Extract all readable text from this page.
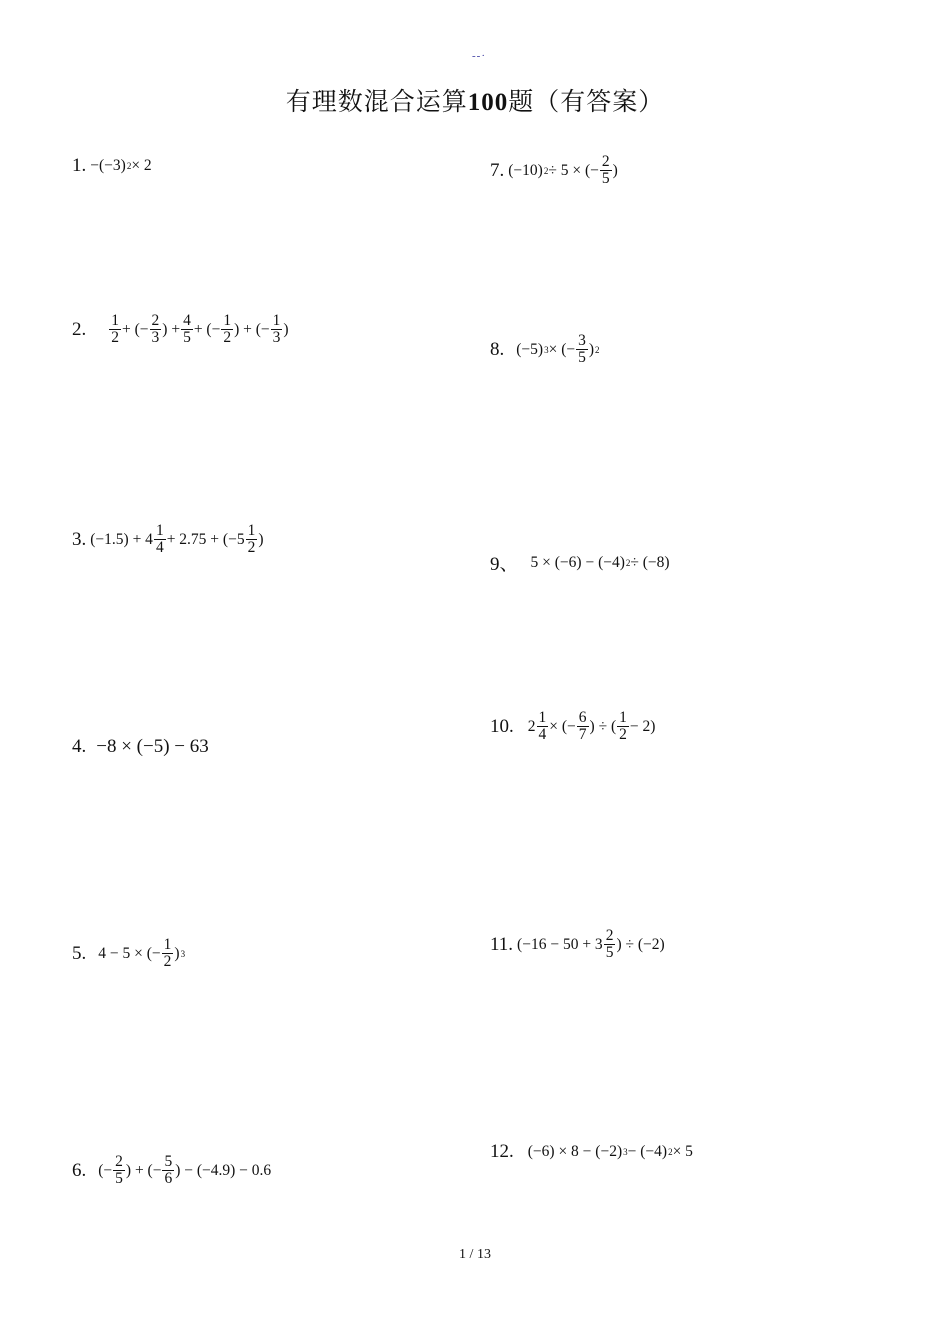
--·
有理数混合运算100题（有答案）
1. −(−3) 2 × 2
2. $\frac{1}{2}$ + (− $\frac{2}{3}$ ) + $\frac{4}{5}$ + (− $\frac{1}{2}$ ) + (− $\frac{1}{3}$ )
3. $(-1.5) + 4 \frac{1}{4} + 2.75 + (-5 \frac{1}{2}$ )
4. −8 × (−5) − 63
5. 4 − 5 × (− $\frac{1}{2}$ ) 3
6. (− $\frac{2}{5}$ ) + (− $\frac{5}{6}$ ) − (−4.9) − 0.6
7. (−10) 2 ÷ 5 × (− $\frac{2}{5}$ )
8. (−5) 3 × (− $\frac{3}{5}$ ) 2
9、 5 × (−6) − (−4) 2 ÷ (−8)
10. $2 \frac{1}{4}$ × (− $\frac{6}{7}$ ) ÷ ( $\frac{1}{2} - 2$)
11. ($-16 - 50 + 3 \frac{2}{5}$ ) ÷ (−2)
12. (−6) × 8 − (−2) 3 − (−4) 2 × 5
1 / 13
